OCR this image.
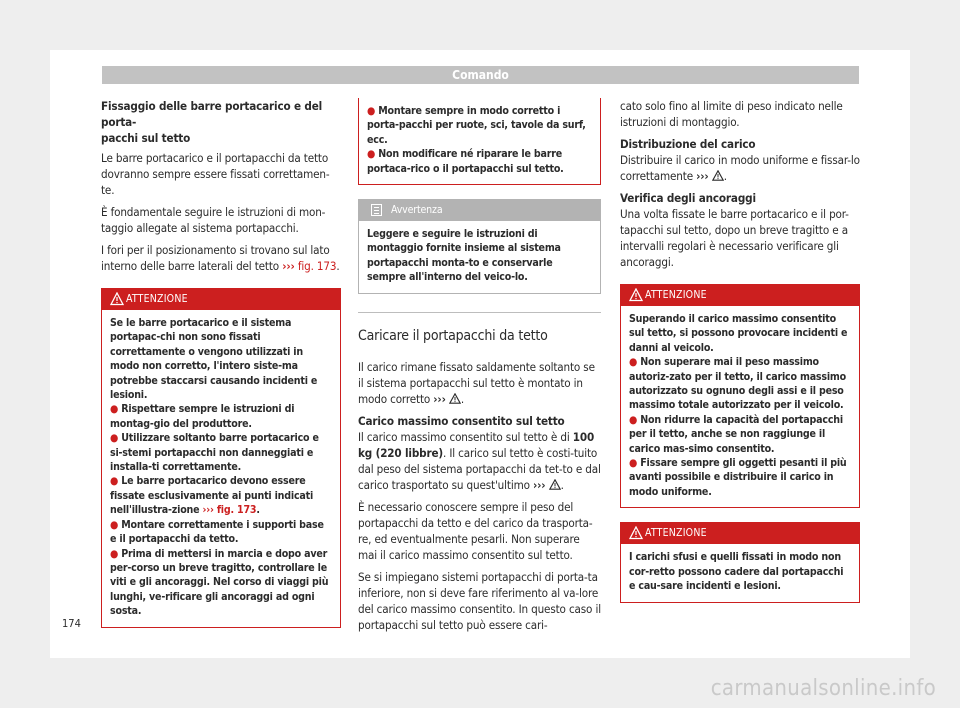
Comando

Fissaggio delle barre portacarico e del porta-
pacchi sul tetto

Le barre portacarico e il portapacchi da tetto dovranno sempre essere fissati correttamen-te.

È fondamentale seguire le istruzioni di mon-taggio allegate al sistema portapacchi.

I fori per il posizionamento si trovano sul lato interno delle barre laterali del tetto ››› fig. 173.

ATTENZIONE

Se le barre portacarico e il sistema portapac-chi non sono fissati correttamente o vengono utilizzati in modo non corretto, l'intero siste-ma potrebbe staccarsi causando incidenti e lesioni.

● Rispettare sempre le istruzioni di montag-gio del produttore.

● Utilizzare soltanto barre portacarico e si-stemi portapacchi non danneggiati e installa-ti correttamente.

● Le barre portacarico devono essere fissate esclusivamente ai punti indicati nell'illustra-zione ››› fig. 173.

● Montare correttamente i supporti base e il portapacchi da tetto.

● Prima di mettersi in marcia e dopo aver per-corso un breve tragitto, controllare le viti e gli ancoraggi. Nel corso di viaggi più lunghi, ve-rificare gli ancoraggi ad ogni sosta.

● Montare sempre in modo corretto i porta-pacchi per ruote, sci, tavole da surf, ecc.

● Non modificare né riparare le barre portaca-rico o il portapacchi sul tetto.

Avvertenza
Leggere e seguire le istruzioni di montaggio fornite insieme al sistema portapacchi monta-to e conservarle sempre all'interno del veico-lo.
Caricare il portapacchi da tetto

Il carico rimane fissato saldamente soltanto se il sistema portapacchi sul tetto è montato in modo corretto ››› .

Carico massimo consentito sul tetto

Il carico massimo consentito sul tetto è di 100 kg (220 libbre). Il carico sul tetto è costi-tuito dal peso del sistema portapacchi da tet-to e dal carico trasportato su quest'ultimo ››› .

È necessario conoscere sempre il peso del portapacchi da tetto e del carico da trasporta-re, ed eventualmente pesarli. Non superare mai il carico massimo consentito sul tetto.

Se si impiegano sistemi portapacchi di porta-ta inferiore, non si deve fare riferimento al va-lore del carico massimo consentito. In questo caso il portapacchi sul tetto può essere cari-

cato solo fino al limite di peso indicato nelle istruzioni di montaggio.

Distribuzione del carico

Distribuire il carico in modo uniforme e fissar-lo correttamente ››› .

Verifica degli ancoraggi

Una volta fissate le barre portacarico e il por-tapacchi sul tetto, dopo un breve tragitto e a intervalli regolari è necessario verificare gli ancoraggi.

ATTENZIONE

Superando il carico massimo consentito sul tetto, si possono provocare incidenti e danni al veicolo.

● Non superare mai il peso massimo autoriz-zato per il tetto, il carico massimo autorizzato su ognuno degli assi e il peso massimo totale autorizzato per il veicolo.

● Non ridurre la capacità del portapacchi per il tetto, anche se non raggiunge il carico mas-simo consentito.

● Fissare sempre gli oggetti pesanti il più avanti possibile e distribuire il carico in modo uniforme.

ATTENZIONE
I carichi sfusi e quelli fissati in modo non cor-retto possono cadere dal portapacchi e cau-sare incidenti e lesioni.
174
carmanualsonline.info
